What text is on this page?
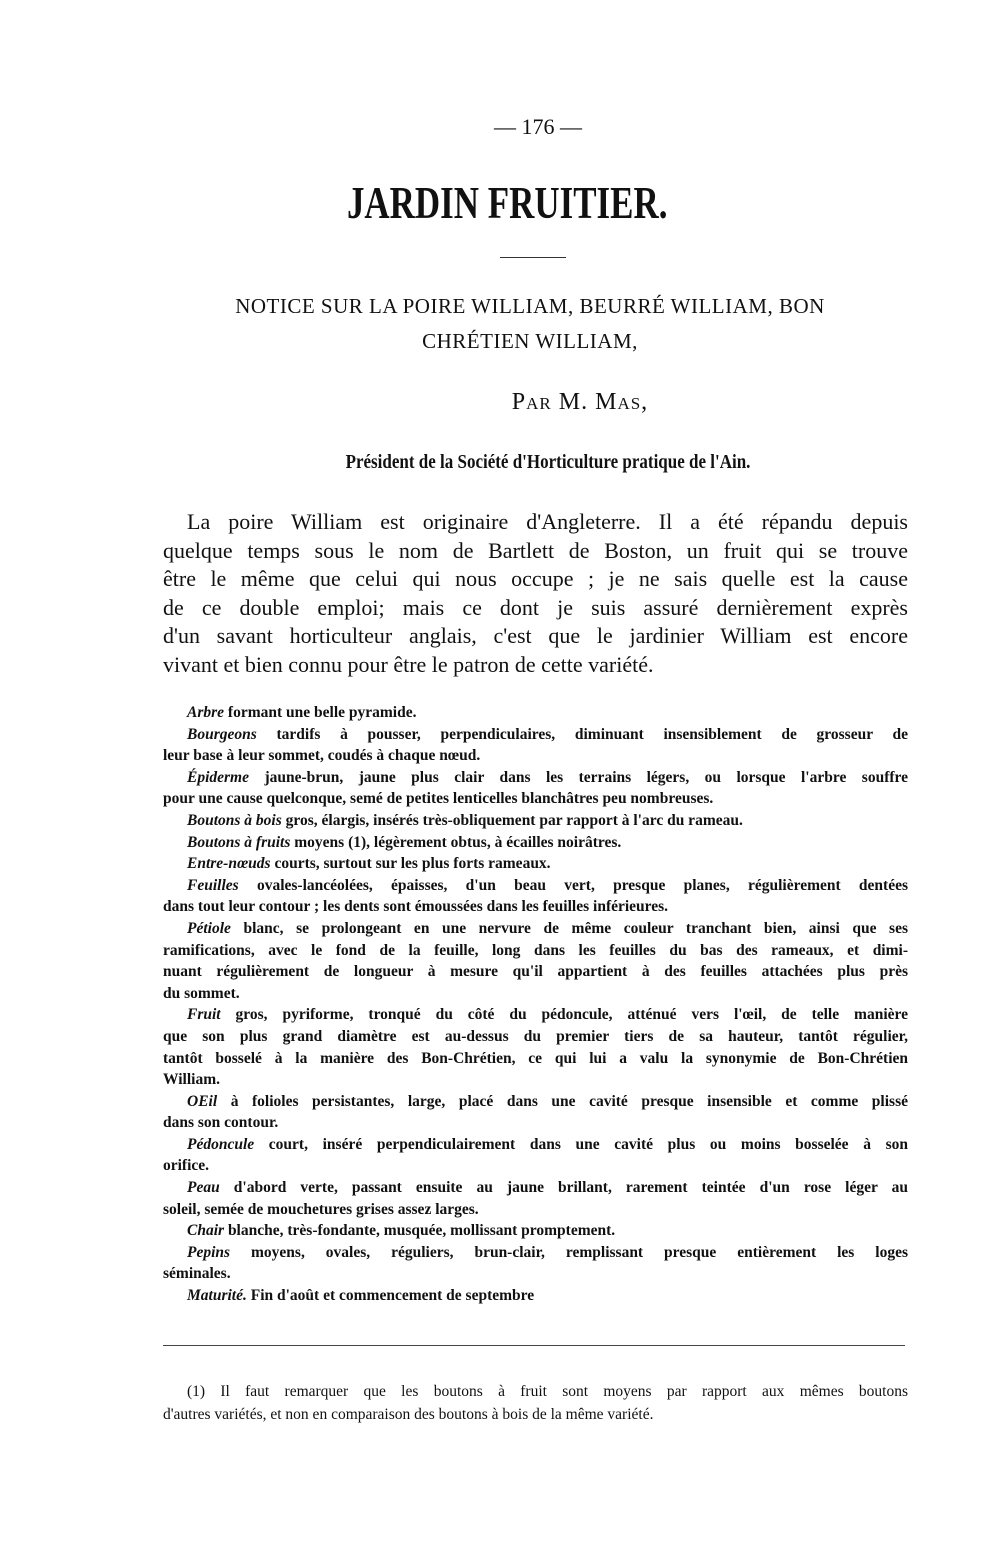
— 176 —
JARDIN FRUITIER.
NOTICE SUR LA POIRE WILLIAM, BEURRÉ WILLIAM, BON
CHRÉTIEN WILLIAM,
Par M. Mas,
Président de la Société d'Horticulture pratique de l'Ain.
La poire William est originaire d'Angleterre. Il a été répandu depuis
quelque temps sous le nom de Bartlett de Boston, un fruit qui se trouve
être le même que celui qui nous occupe ; je ne sais quelle est la cause
de ce double emploi; mais ce dont je suis assuré dernièrement exprès
d'un savant horticulteur anglais, c'est que le jardinier William est encore
vivant et bien connu pour être le patron de cette variété.
Arbre formant une belle pyramide.
Bourgeons tardifs à pousser, perpendiculaires, diminuant insensiblement de grosseur de
leur base à leur sommet, coudés à chaque nœud.
Épiderme jaune-brun, jaune plus clair dans les terrains légers, ou lorsque l'arbre souffre
pour une cause quelconque, semé de petites lenticelles blanchâtres peu nombreuses.
Boutons à bois gros, élargis, insérés très-obliquement par rapport à l'arc du rameau.
Boutons à fruits moyens (1), légèrement obtus, à écailles noirâtres.
Entre-nœuds courts, surtout sur les plus forts rameaux.
Feuilles ovales-lancéolées, épaisses, d'un beau vert, presque planes, régulièrement dentées
dans tout leur contour ; les dents sont émoussées dans les feuilles inférieures.
Pétiole blanc, se prolongeant en une nervure de même couleur tranchant bien, ainsi que ses
ramifications, avec le fond de la feuille, long dans les feuilles du bas des rameaux, et dimi-
nuant régulièrement de longueur à mesure qu'il appartient à des feuilles attachées plus près
du sommet.
Fruit gros, pyriforme, tronqué du côté du pédoncule, atténué vers l'œil, de telle manière
que son plus grand diamètre est au-dessus du premier tiers de sa hauteur, tantôt régulier,
tantôt bosselé à la manière des Bon-Chrétien, ce qui lui a valu la synonymie de Bon-Chrétien
William.
OEil à folioles persistantes, large, placé dans une cavité presque insensible et comme plissé
dans son contour.
Pédoncule court, inséré perpendiculairement dans une cavité plus ou moins bosselée à son
orifice.
Peau d'abord verte, passant ensuite au jaune brillant, rarement teintée d'un rose léger au
soleil, semée de mouchetures grises assez larges.
Chair blanche, très-fondante, musquée, mollissant promptement.
Pepins moyens, ovales, réguliers, brun-clair, remplissant presque entièrement les loges
séminales.
Maturité. Fin d'août et commencement de septembre
(1) Il faut remarquer que les boutons à fruit sont moyens par rapport aux mêmes boutons
d'autres variétés, et non en comparaison des boutons à bois de la même variété.
